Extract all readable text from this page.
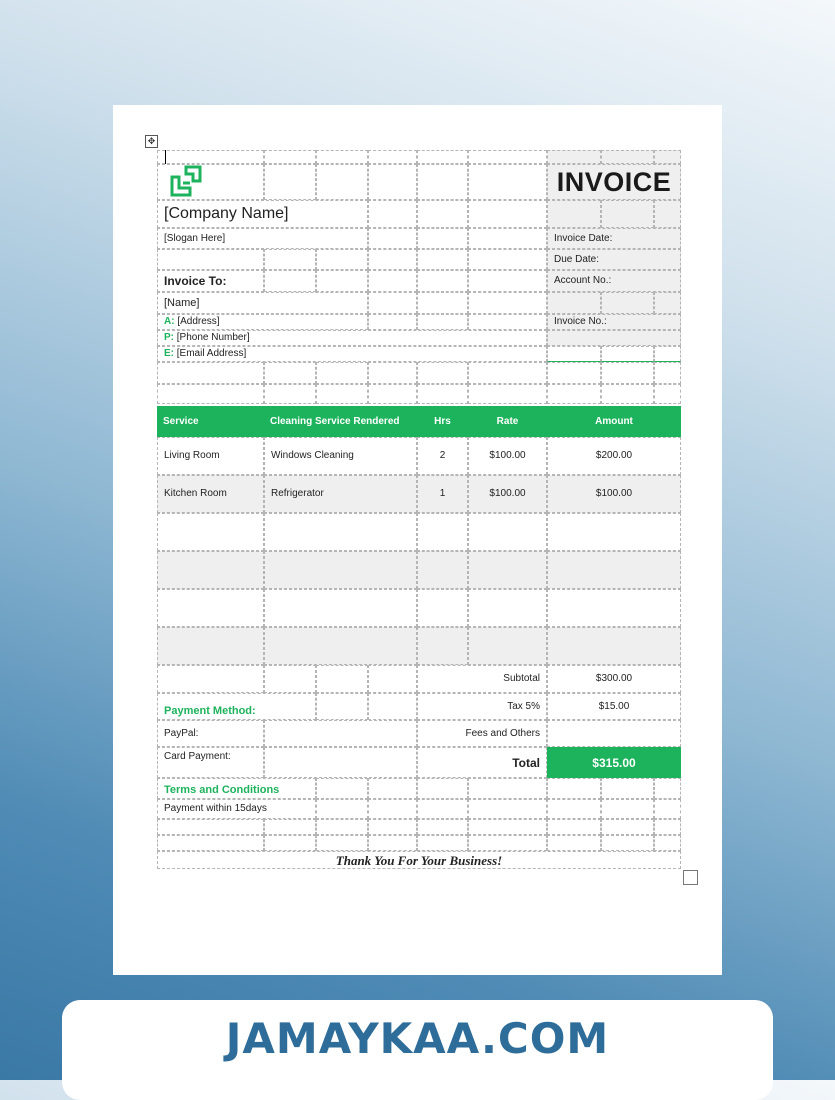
✥
INVOICE
[Company Name]
[Slogan Here]	Invoice Date:
Due Date:
Invoice To:	Account No.:
[Name]
A:
[Address]	Invoice No.:
P:
[Phone Number]
E:
[Email Address]
Service	Cleaning Service Rendered	Hrs	Rate	Amount
Living Room	Windows Cleaning	2	$100.00	$200.00
Kitchen Room	Refrigerator	1	$100.00	$100.00
Subtotal	$300.00
Payment Method:	Tax 5%	$15.00
PayPal:	Fees and Others
Card Payment:	Total	$315.00
Terms and Conditions
Payment within 15days
Thank You For Your Business!
JAMAYKAA.COM
